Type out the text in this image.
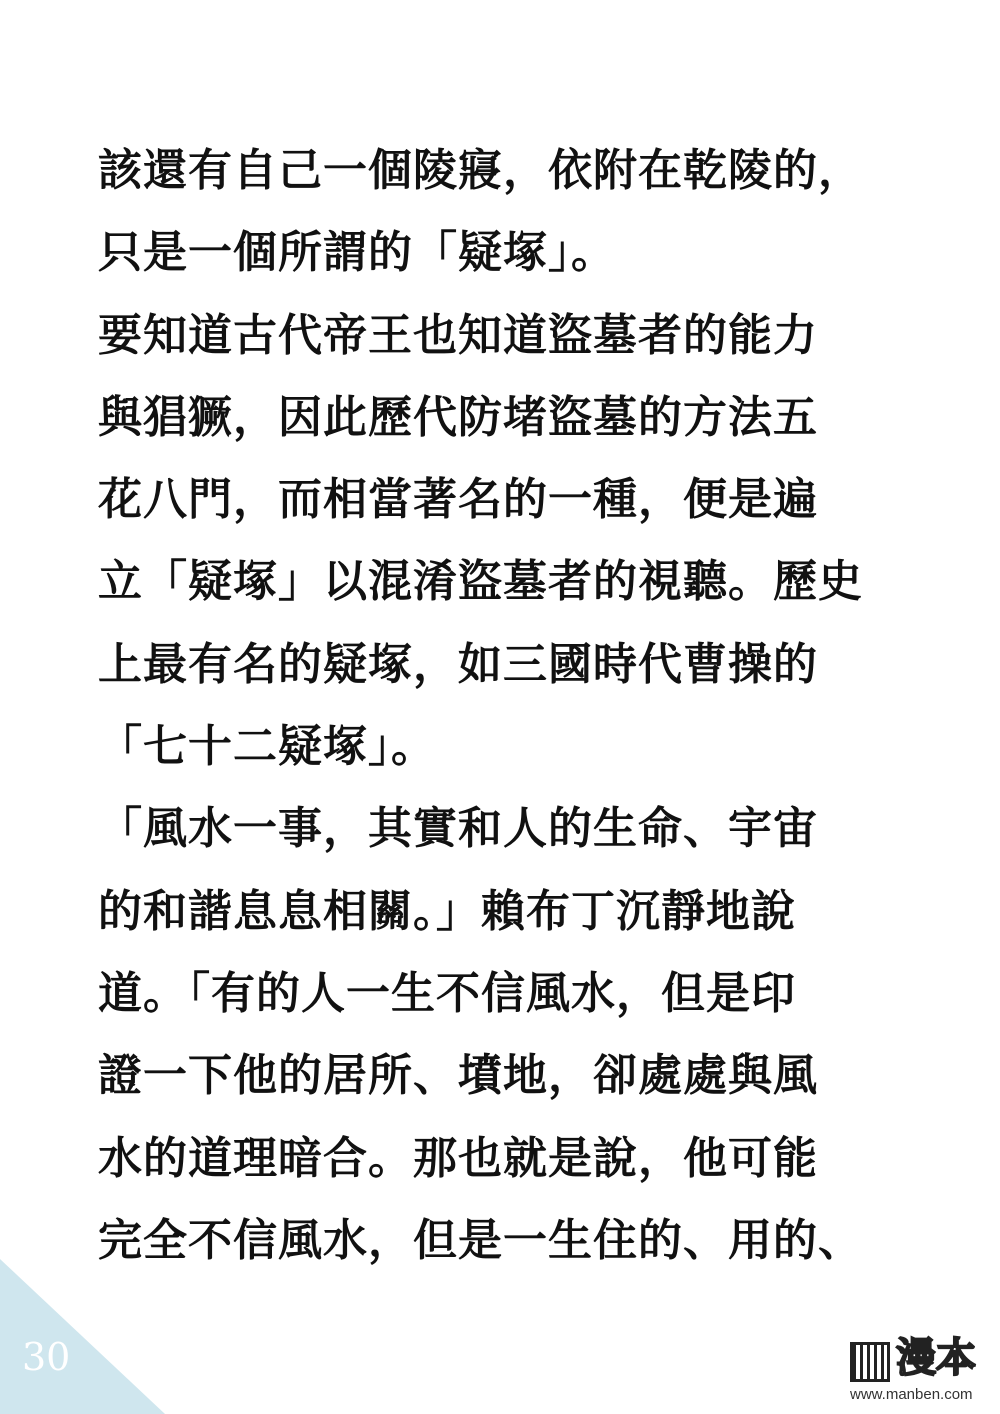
該還有自己一個陵寢，依附在乾陵的，
只是一個所謂的「疑塚」。
要知道古代帝王也知道盜墓者的能力
與猖獗，因此歷代防堵盜墓的方法五
花八門，而相當著名的一種，便是遍
立「疑塚」以混淆盜墓者的視聽。歷史
上最有名的疑塚，如三國時代曹操的
「七十二疑塚」。
「風水一事，其實和人的生命、宇宙
的和諧息息相關。」賴布丁沉靜地說
道。「有的人一生不信風水，但是印
證一下他的居所、墳地，卻處處與風
水的道理暗合。那也就是說，他可能
完全不信風水，但是一生住的、用的、
30	漫本
www.manben.com
